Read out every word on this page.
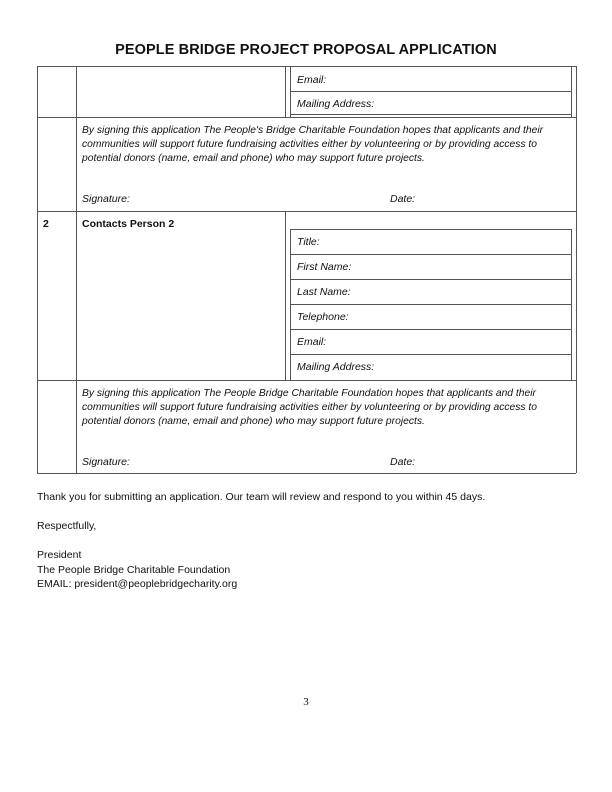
PEOPLE BRIDGE PROJECT PROPOSAL APPLICATION
Email:
Mailing Address:
By signing this application The People's Bridge Charitable Foundation hopes that applicants and their communities will support future fundraising activities either by volunteering or by providing access to potential donors (name, email and phone) who may support future projects.
Signature:	Date:
2	Contacts Person 2
Title:
First Name:
Last Name:
Telephone:
Email:
Mailing Address:
By signing this application The People Bridge Charitable Foundation hopes that applicants and their communities will support future fundraising activities either by volunteering or by providing access to potential donors (name, email and phone) who may support future projects.
Signature:	Date:
Thank you for submitting an application. Our team will review and respond to you within 45 days.
Respectfully,
President
The People Bridge Charitable Foundation
EMAIL: president@peoplebridgecharity.org
3
